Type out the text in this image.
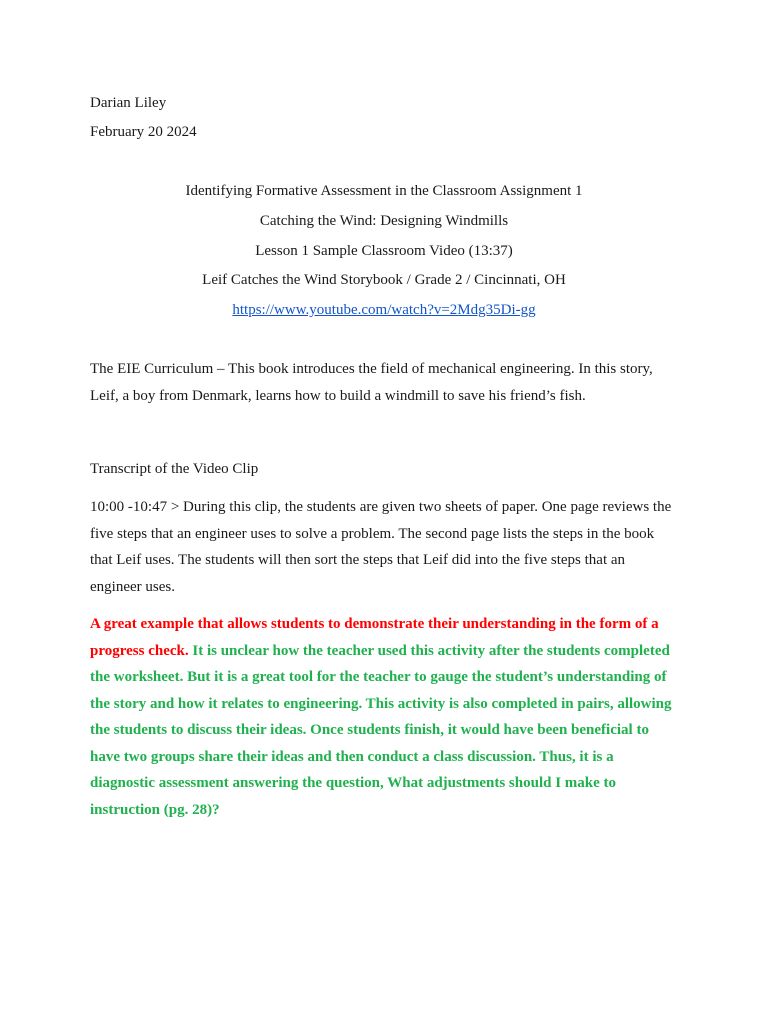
Darian Liley
February 20 2024
Identifying Formative Assessment in the Classroom Assignment 1
Catching the Wind: Designing Windmills
Lesson 1 Sample Classroom Video (13:37)
Leif Catches the Wind Storybook / Grade 2 / Cincinnati, OH
https://www.youtube.com/watch?v=2Mdg35Di-gg

The EIE Curriculum – This book introduces the field of mechanical engineering. In this story, Leif, a boy from Denmark, learns how to build a windmill to save his friend’s fish.

Transcript of the Video Clip

10:00 -10:47 > During this clip, the students are given two sheets of paper. One page reviews the five steps that an engineer uses to solve a problem. The second page lists the steps in the book that Leif uses. The students will then sort the steps that Leif did into the five steps that an engineer uses.

A great example that allows students to demonstrate their understanding in the form of a progress check. It is unclear how the teacher used this activity after the students completed the worksheet. But it is a great tool for the teacher to gauge the student’s understanding of the story and how it relates to engineering. This activity is also completed in pairs, allowing the students to discuss their ideas. Once students finish, it would have been beneficial to have two groups share their ideas and then conduct a class discussion. Thus, it is a diagnostic assessment answering the question, What adjustments should I make to instruction (pg. 28)?
